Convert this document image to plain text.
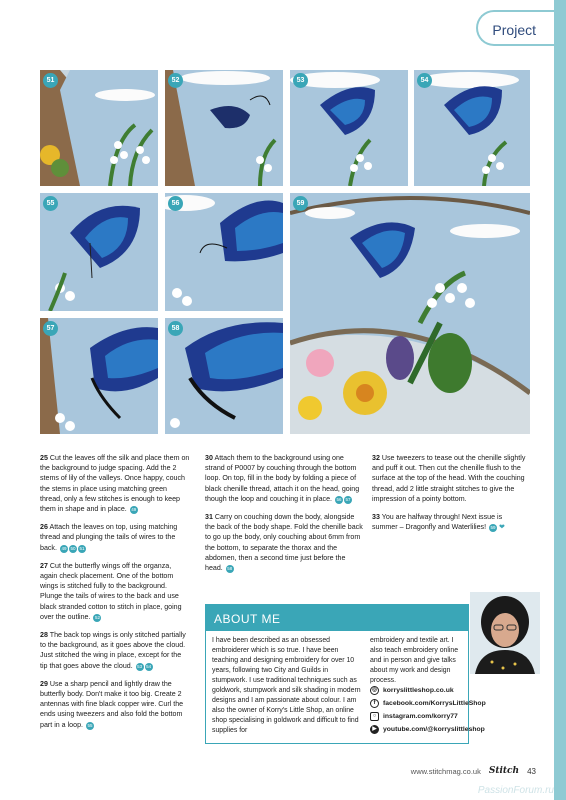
Project
51	52	53	54
55	56	59
57	58

25 Cut the leaves off the silk and place them on the background to judge spacing. Add the 2 stems of lily of the valleys. Once happy, couch the stems in place using matching green thread, only a few stitches is enough to keep them in shape and in place. 49

26 Attach the leaves on top, using matching thread and plunging the tails of wires to the back. 49 50 51

27 Cut the butterfly wings off the organza, again check placement. One of the bottom wings is stitched fully to the background. Plunge the tails of wires to the back and use black stranded cotton to stitch in place, going over the outline. 52

28 The back top wings is only stitched partially to the background, as it goes above the cloud. Just stitched the wing in place, except for the tip that goes above the cloud. 53 54

29 Use a sharp pencil and lightly draw the butterfly body. Don't make it too big. Create 2 antennas with fine black copper wire. Curl the ends using tweezers and also fold the bottom part in a loop. 55

30 Attach them to the background using one strand of P0007 by couching through the bottom loop. On top, fill in the body by folding a piece of black chenille thread, attach it on the head, going though the loop and couching it in place. 56 57

31 Carry on couching down the body, alongside the back of the body shape. Fold the chenille back to go up the body, only couching about 6mm from the bottom, to separate the thorax and the abdomen, then a second time just before the head. 58

32 Use tweezers to tease out the chenille slightly and puff it out. Then cut the chenille flush to the surface at the top of the head. With the couching thread, add 2 little straight stitches to give the impression of a pointy bottom.

33 You are halfway through! Next issue is summer – Dragonfly and Waterlilies! 59 ❤

ABOUT ME
I have been described as an obsessed embroiderer which is so true. I have been teaching and designing embroidery for over 10 years, following two City and Guilds in stumpwork. I use traditional techniques such as goldwork, stumpwork and silk shading in modern designs and I am passionate about colour. I am also the owner of Korry's Little Shop, an online shop specialising in goldwork and difficult to find supplies for
embroidery and textile art. I also teach embroidery online and in person and give talks about my work and design process.
◎ korryslittleshop.co.uk
f	facebook.com/KorrysLittleShop
○	instagram.com/korry77
▶ youtube.com/@korryslittleshop
www.stitchmag.co.uk Stitch 43
PassionForum.ru
